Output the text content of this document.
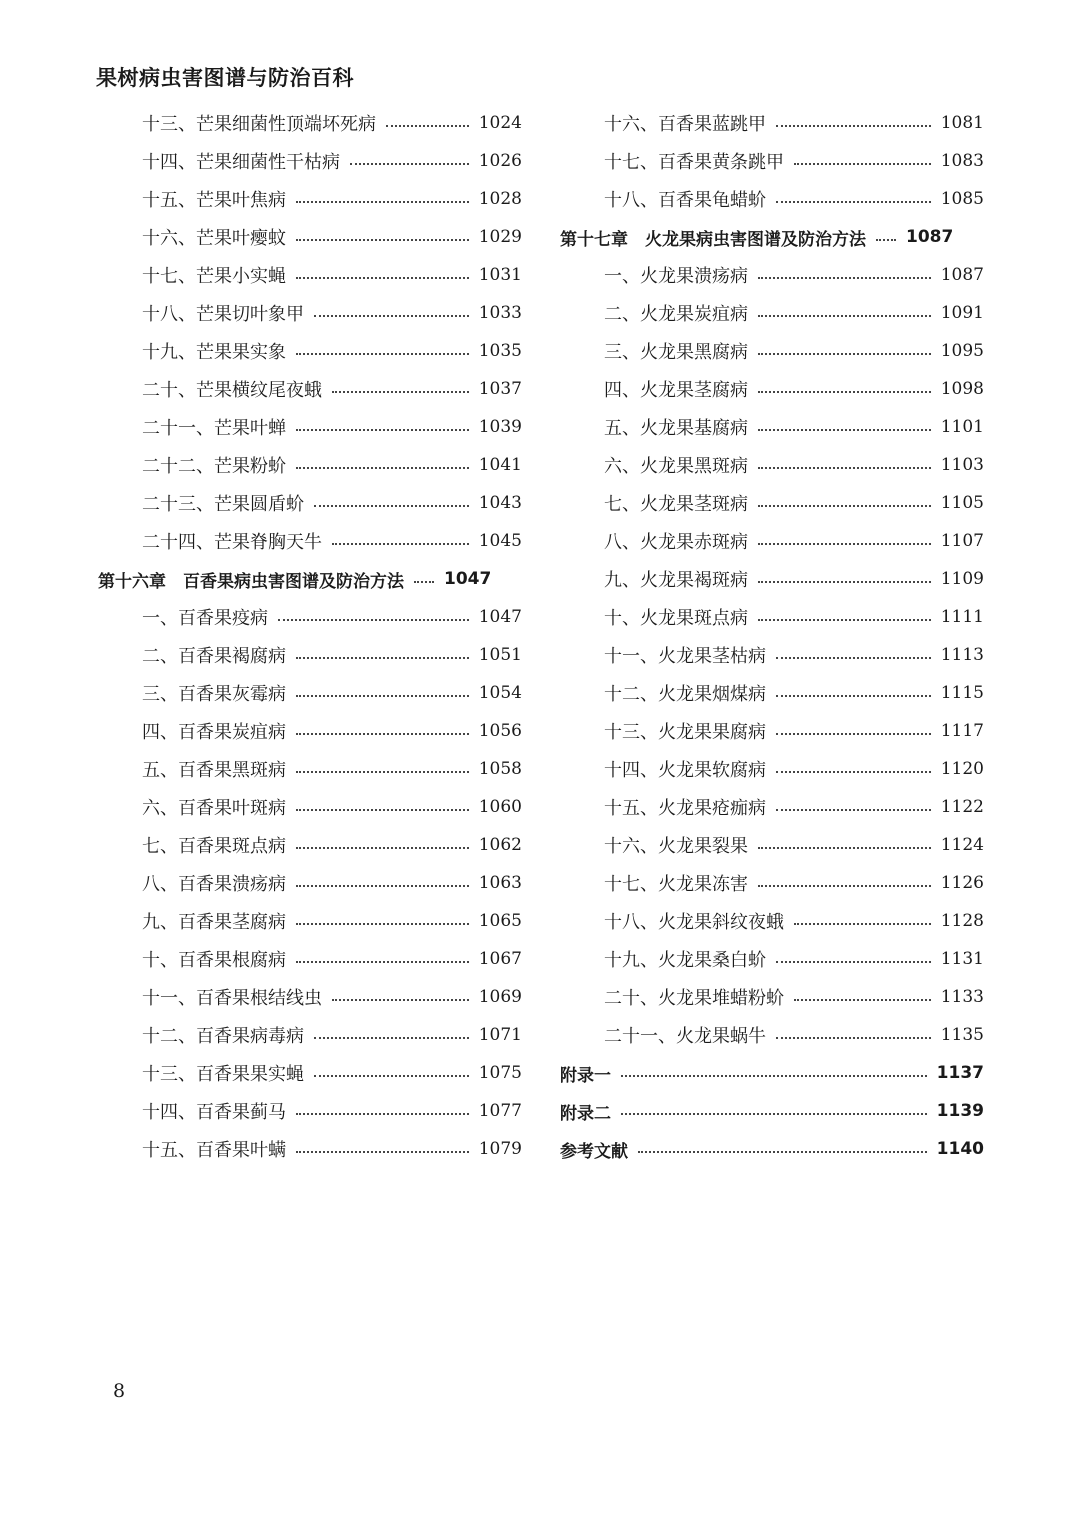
果树病虫害图谱与防治百科
十三、芒果细菌性顶端坏死病	1024
十四、芒果细菌性干枯病	1026
十五、芒果叶焦病	1028
十六、芒果叶瘿蚊	1029
十七、芒果小实蝇	1031
十八、芒果切叶象甲	1033
十九、芒果果实象	1035
二十、芒果横纹尾夜蛾	1037
二十一、芒果叶蝉	1039
二十二、芒果粉蚧	1041
二十三、芒果圆盾蚧	1043
二十四、芒果脊胸天牛	1045
第十六章　百香果病虫害图谱及防治方法	1047
一、百香果疫病	1047
二、百香果褐腐病	1051
三、百香果灰霉病	1054
四、百香果炭疽病	1056
五、百香果黑斑病	1058
六、百香果叶斑病	1060
七、百香果斑点病	1062
八、百香果溃疡病	1063
九、百香果茎腐病	1065
十、百香果根腐病	1067
十一、百香果根结线虫	1069
十二、百香果病毒病	1071
十三、百香果果实蝇	1075
十四、百香果蓟马	1077
十五、百香果叶螨	1079
十六、百香果蓝跳甲	1081
十七、百香果黄条跳甲	1083
十八、百香果龟蜡蚧	1085
第十七章　火龙果病虫害图谱及防治方法	1087
一、火龙果溃疡病	1087
二、火龙果炭疽病	1091
三、火龙果黑腐病	1095
四、火龙果茎腐病	1098
五、火龙果基腐病	1101
六、火龙果黑斑病	1103
七、火龙果茎斑病	1105
八、火龙果赤斑病	1107
九、火龙果褐斑病	1109
十、火龙果斑点病	1111
十一、火龙果茎枯病	1113
十二、火龙果烟煤病	1115
十三、火龙果果腐病	1117
十四、火龙果软腐病	1120
十五、火龙果疮痂病	1122
十六、火龙果裂果	1124
十七、火龙果冻害	1126
十八、火龙果斜纹夜蛾	1128
十九、火龙果桑白蚧	1131
二十、火龙果堆蜡粉蚧	1133
二十一、火龙果蜗牛	1135
附录一	1137
附录二	1139
参考文献	1140
8
